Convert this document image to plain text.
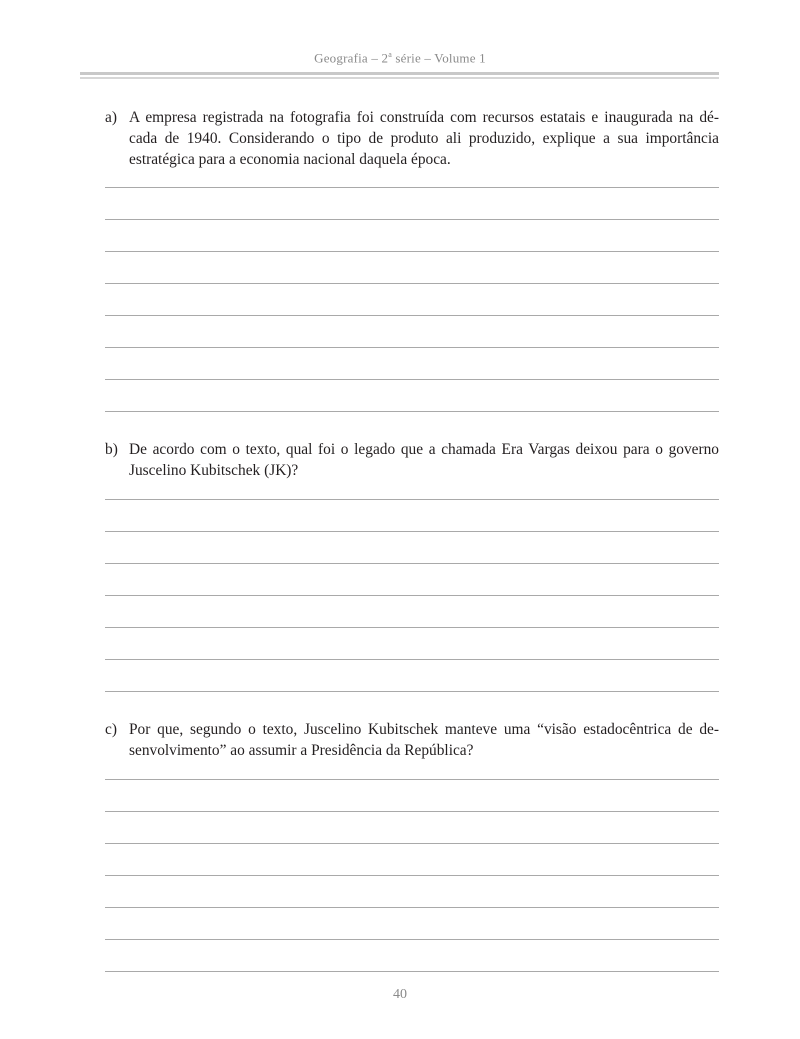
Geografia – 2$^a$ série – Volume 1
a) A empresa registrada na fotografia foi construída com recursos estatais e inaugurada na dé-
cada de 1940. Considerando o tipo de produto ali produzido, explique a sua importância
estratégica para a economia nacional daquela época.
b) De acordo com o texto, qual foi o legado que a chamada Era Vargas deixou para o governo
Juscelino Kubitschek (JK)?
c) Por que, segundo o texto, Juscelino Kubitschek manteve uma “visão estadocêntrica de de-
senvolvimento” ao assumir a Presidência da República?
40
